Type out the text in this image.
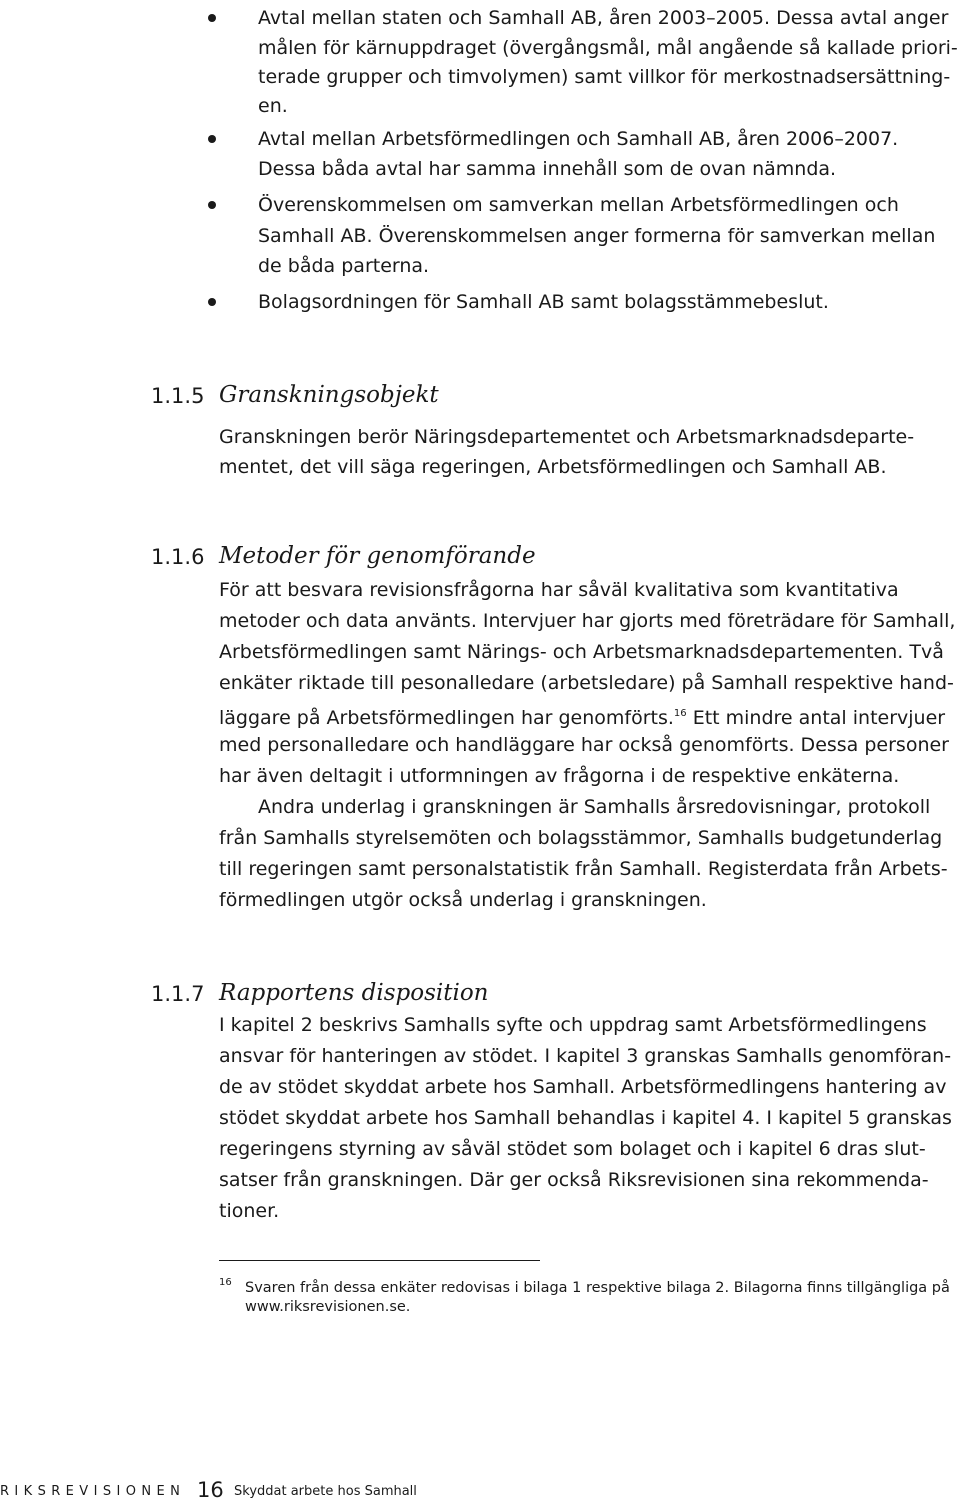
Avtal mellan staten och Samhall AB, åren 2003–2005. Dessa avtal anger
målen för kärnuppdraget (övergångsmål, mål angående så kallade priori-
terade grupper och timvolymen) samt villkor för merkostnadsersättning-
en.
Avtal mellan Arbetsförmedlingen och Samhall AB, åren 2006–2007.
Dessa båda avtal har samma innehåll som de ovan nämnda.
Överenskommelsen om samverkan mellan Arbetsförmedlingen och
Samhall AB. Överenskommelsen anger formerna för samverkan mellan
de båda parterna.
Bolagsordningen för Samhall AB samt bolagsstämmebeslut.
1.1.5 Granskningsobjekt
Granskningen berör Näringsdepartementet och Arbetsmarknadsdeparte-
mentet, det vill säga regeringen, Arbetsförmedlingen och Samhall AB.
1.1.6 Metoder för genomförande
För att besvara revisionsfrågorna har såväl kvalitativa som kvantitativa
metoder och data använts. Intervjuer har gjorts med företrädare för Samhall,
Arbetsförmedlingen samt Närings- och Arbetsmarknadsdepartementen. Två
enkäter riktade till pesonalledare (arbetsledare) på Samhall respektive hand-
läggare på Arbetsförmedlingen har genomförts.$^{16}$ Ett mindre antal intervjuer
med personalledare och handläggare har också genomförts. Dessa personer
har även deltagit i utformningen av frågorna i de respektive enkäterna.
Andra underlag i granskningen är Samhalls årsredovisningar, protokoll
från Samhalls styrelsemöten och bolagsstämmor, Samhalls budgetunderlag
till regeringen samt personalstatistik från Samhall. Registerdata från Arbets-
förmedlingen utgör också underlag i granskningen.
1.1.7 Rapportens disposition
I kapitel 2 beskrivs Samhalls syfte och uppdrag samt Arbetsförmedlingens
ansvar för hanteringen av stödet. I kapitel 3 granskas Samhalls genomföran-
de av stödet skyddat arbete hos Samhall. Arbetsförmedlingens hantering av
stödet skyddat arbete hos Samhall behandlas i kapitel 4. I kapitel 5 granskas
regeringens styrning av såväl stödet som bolaget och i kapitel 6 dras slut-
satser från granskningen. Där ger också Riksrevisionen sina rekommenda-
tioner.
16 Svaren från dessa enkäter redovisas i bilaga 1 respektive bilaga 2. Bilagorna finns tillgängliga på
www.riksrevisionen.se.
RIKSREVISIONEN 16 Skyddat arbete hos Samhall
